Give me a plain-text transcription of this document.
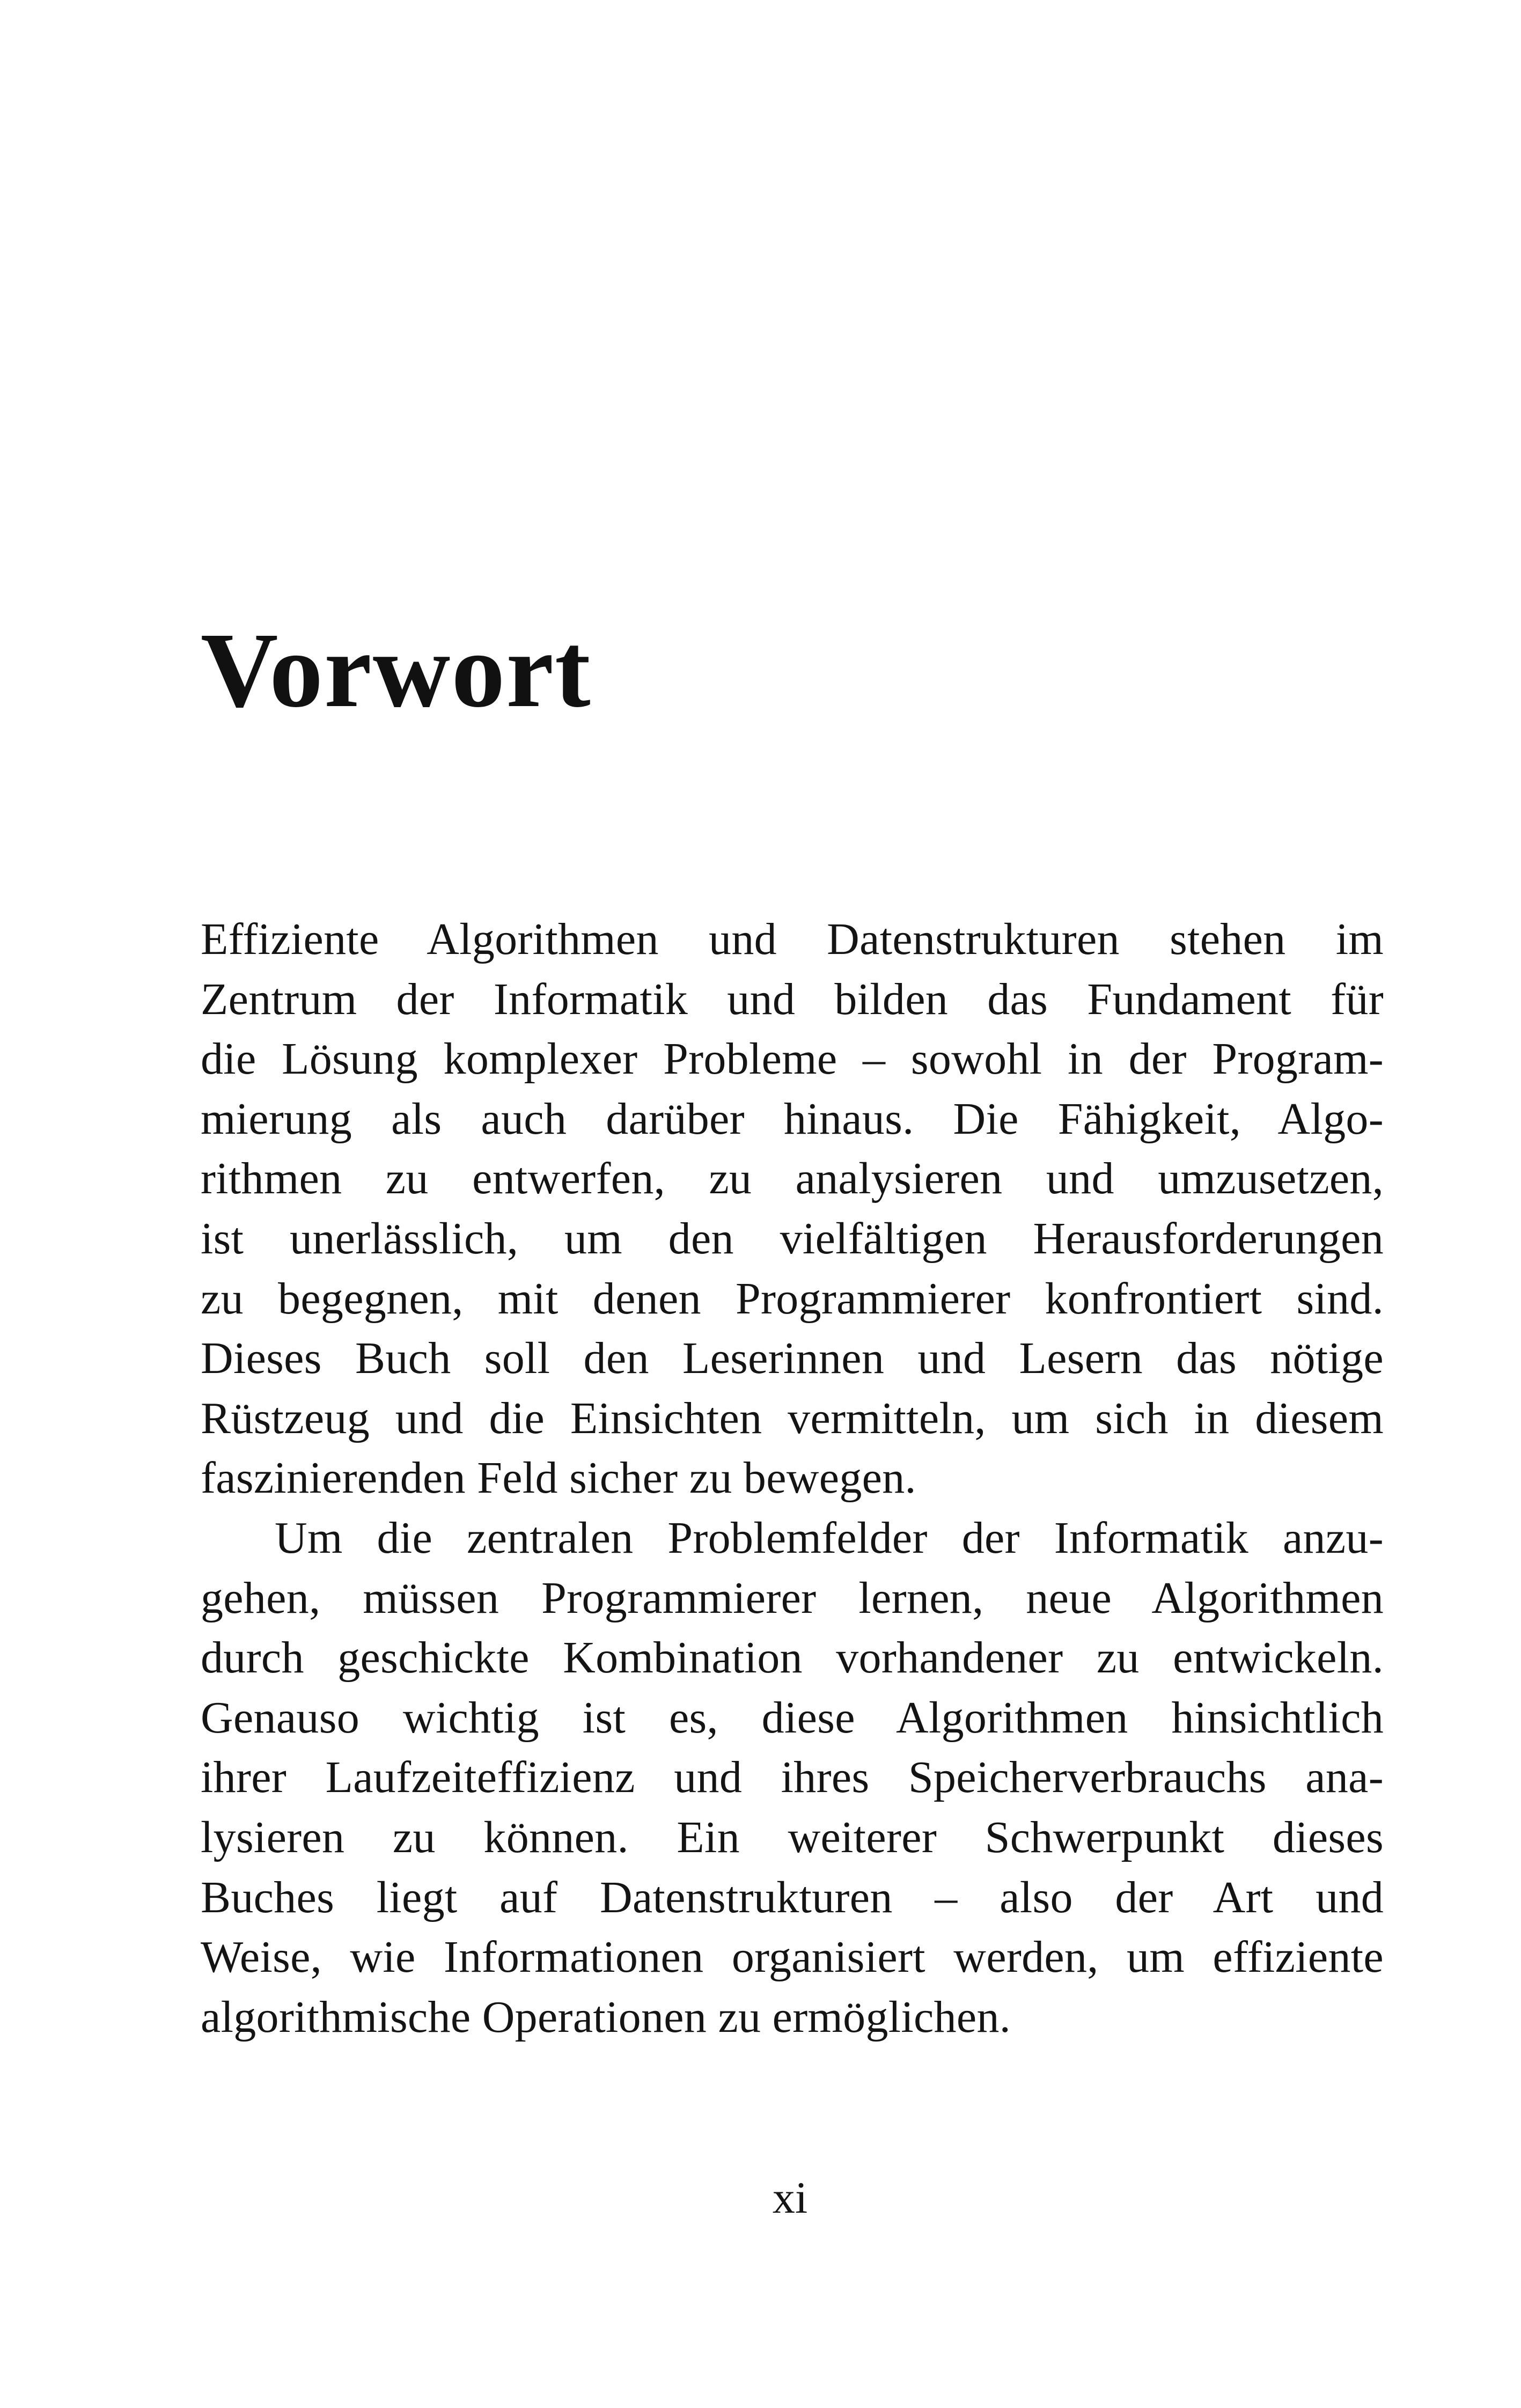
Vorwort
Effiziente Algorithmen und Datenstrukturen stehen im
Zentrum der Informatik und bilden das Fundament für
die Lösung komplexer Probleme – sowohl in der Program-
mierung als auch darüber hinaus. Die Fähigkeit, Algo-
rithmen zu entwerfen, zu analysieren und umzusetzen,
ist unerlässlich, um den vielfältigen Herausforderungen
zu begegnen, mit denen Programmierer konfrontiert sind.
Dieses Buch soll den Leserinnen und Lesern das nötige
Rüstzeug und die Einsichten vermitteln, um sich in diesem
faszinierenden Feld sicher zu bewegen.
Um die zentralen Problemfelder der Informatik anzu-
gehen, müssen Programmierer lernen, neue Algorithmen
durch geschickte Kombination vorhandener zu entwickeln.
Genauso wichtig ist es, diese Algorithmen hinsichtlich
ihrer Laufzeiteffizienz und ihres Speicherverbrauchs ana-
lysieren zu können. Ein weiterer Schwerpunkt dieses
Buches liegt auf Datenstrukturen – also der Art und
Weise, wie Informationen organisiert werden, um effiziente
algorithmische Operationen zu ermöglichen.
xi
